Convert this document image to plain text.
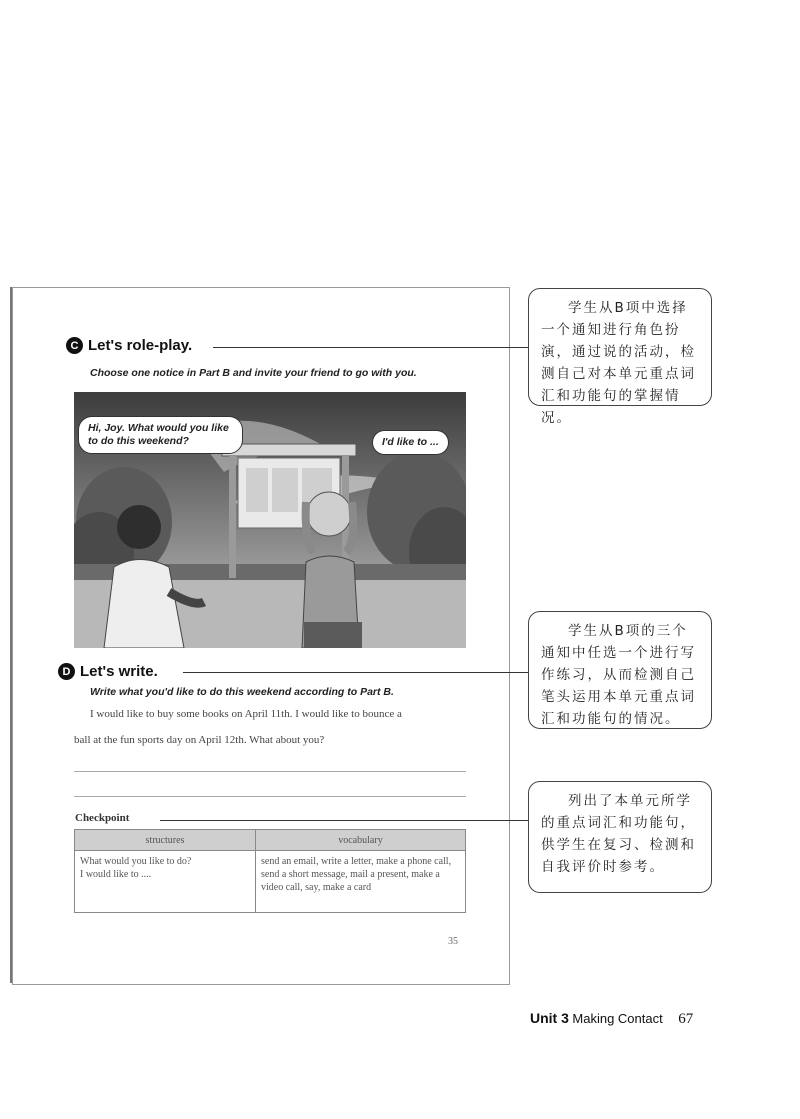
C Let's role-play.
Choose one notice in Part B and invite your friend to go with you.
Hi, Joy. What would you like to do this weekend?	I'd like to ...
D Let's write.
Write what you'd like to do this weekend according to Part B.
I would like to buy some books on April 11th. I would like to bounce a
ball at the fun sports day on April 12th. What about you?
Checkpoint
structures	vocabulary

What would you like to do?
I would like to ....	send an email, write a letter, make a phone call, send a short message, mail a present, make a video call, say, make a card
35

学生从B项中选择一个通知进行角色扮演，通过说的活动，检测自己对本单元重点词汇和功能句的掌握情况。

学生从B项的三个通知中任选一个进行写作练习，从而检测自己笔头运用本单元重点词汇和功能句的情况。

列出了本单元所学的重点词汇和功能句，供学生在复习、检测和自我评价时参考。

Unit 3 Making Contact 67
